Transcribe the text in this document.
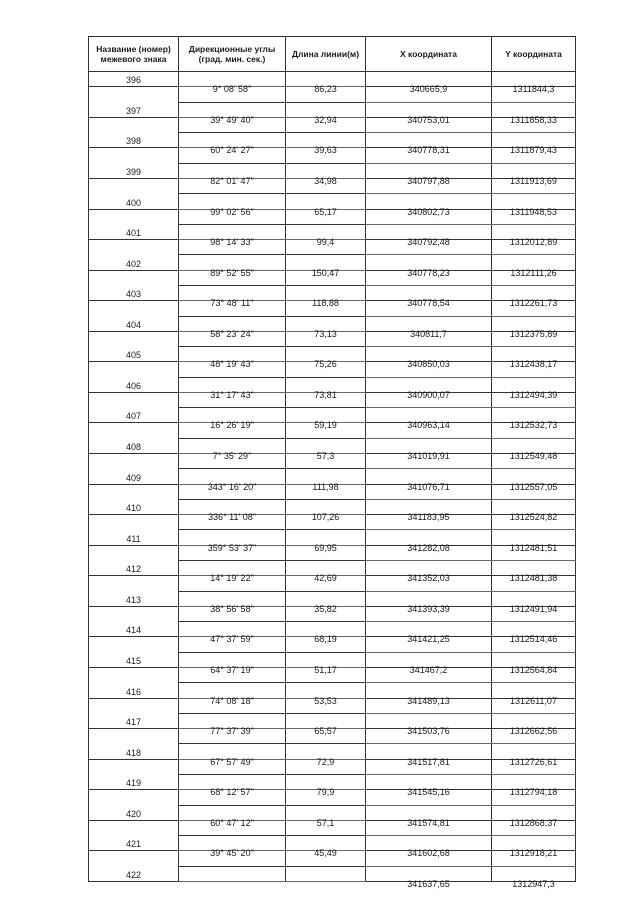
Название (номер) межевого знака	Дирекционные углы (град. мин. сек.)	Длина линии(м)	X координата	Y координата
396	9° 08' 58"	86,23	340665,9	1311844,3

397	39° 49' 40"	32,94	340753,01	1311858,33

398	60° 24' 27"	39,63	340778,31	1311879,43

399	82° 01' 47"	34,98	340797,88	1311913,69

400	99° 02' 56"	65,17	340802,73	1311948,53

401	98° 14' 33"	99,4	340792,48	1312012,89

402	89° 52' 55"	150,47	340778,23	1312111,26

403	73° 48' 11"	118,88	340778,54	1312261,73

404	58° 23' 24"	73,13	340811,7	1312375,89

405	48° 19' 43"	75,26	340850,03	1312438,17

406	31° 17' 43"	73,81	340900,07	1312494,39

407	16° 26' 19"	59,19	340963,14	1312532,73

408	7° 35' 29"	57,3	341019,91	1312549,48

409	343° 16' 20"	111,98	341076,71	1312557,05

410	336° 11' 08"	107,26	341183,95	1312524,82

411	359° 53' 37"	69,95	341282,08	1312481,51

412	14° 19' 22"	42,69	341352,03	1312481,38

413	38° 56' 58"	35,82	341393,39	1312491,94

414	47° 37' 59"	68,19	341421,25	1312514,46

415	64° 37' 19"	51,17	341467,2	1312564,84

416	74° 08' 18"	53,53	341489,13	1312611,07

417	77° 37' 39"	65,57	341503,76	1312662,56

418	67° 57' 49"	72,9	341517,81	1312726,61

419	68° 12' 57"	79,9	341545,16	1312794,18

420	60° 47' 12"	57,1	341574,81	1312868,37

421	39° 45' 20"	45,49	341602,68	1312918,21

422			341637,65	1312947,3
